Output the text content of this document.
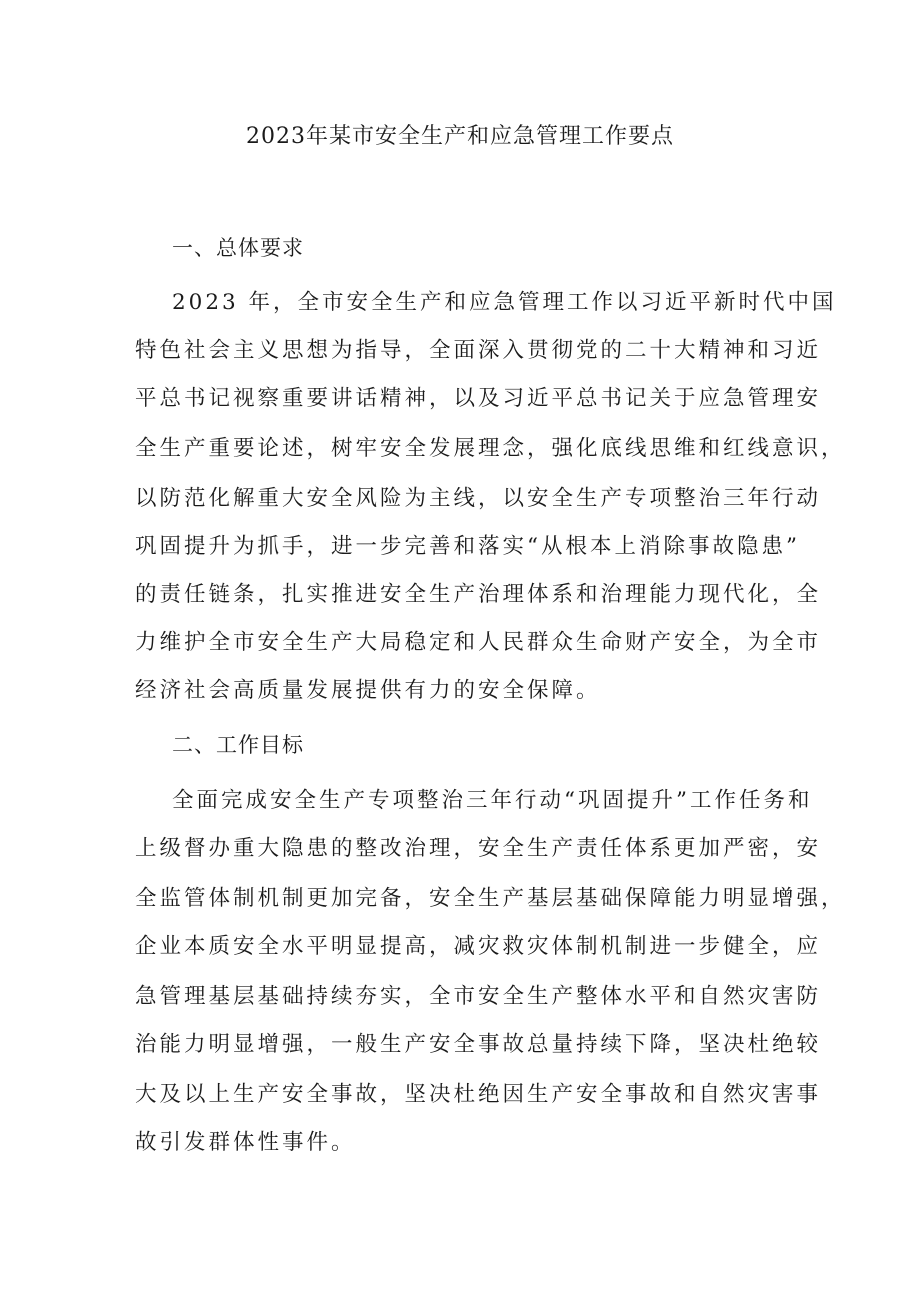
2023年某市安全生产和应急管理工作要点
一、总体要求
2023 年，全市安全生产和应急管理工作以习近平新时代中国
特色社会主义思想为指导，全面深入贯彻党的二十大精神和习近
平总书记视察重要讲话精神，以及习近平总书记关于应急管理安
全生产重要论述，树牢安全发展理念，强化底线思维和红线意识，
以防范化解重大安全风险为主线，以安全生产专项整治三年行动
巩固提升为抓手，进一步完善和落实“从根本上消除事故隐患”
的责任链条，扎实推进安全生产治理体系和治理能力现代化，全
力维护全市安全生产大局稳定和人民群众生命财产安全，为全市
经济社会高质量发展提供有力的安全保障。
二、工作目标
全面完成安全生产专项整治三年行动“巩固提升”工作任务和
上级督办重大隐患的整改治理，安全生产责任体系更加严密，安
全监管体制机制更加完备，安全生产基层基础保障能力明显增强，
企业本质安全水平明显提高，减灾救灾体制机制进一步健全，应
急管理基层基础持续夯实，全市安全生产整体水平和自然灾害防
治能力明显增强，一般生产安全事故总量持续下降，坚决杜绝较
大及以上生产安全事故，坚决杜绝因生产安全事故和自然灾害事
故引发群体性事件。
